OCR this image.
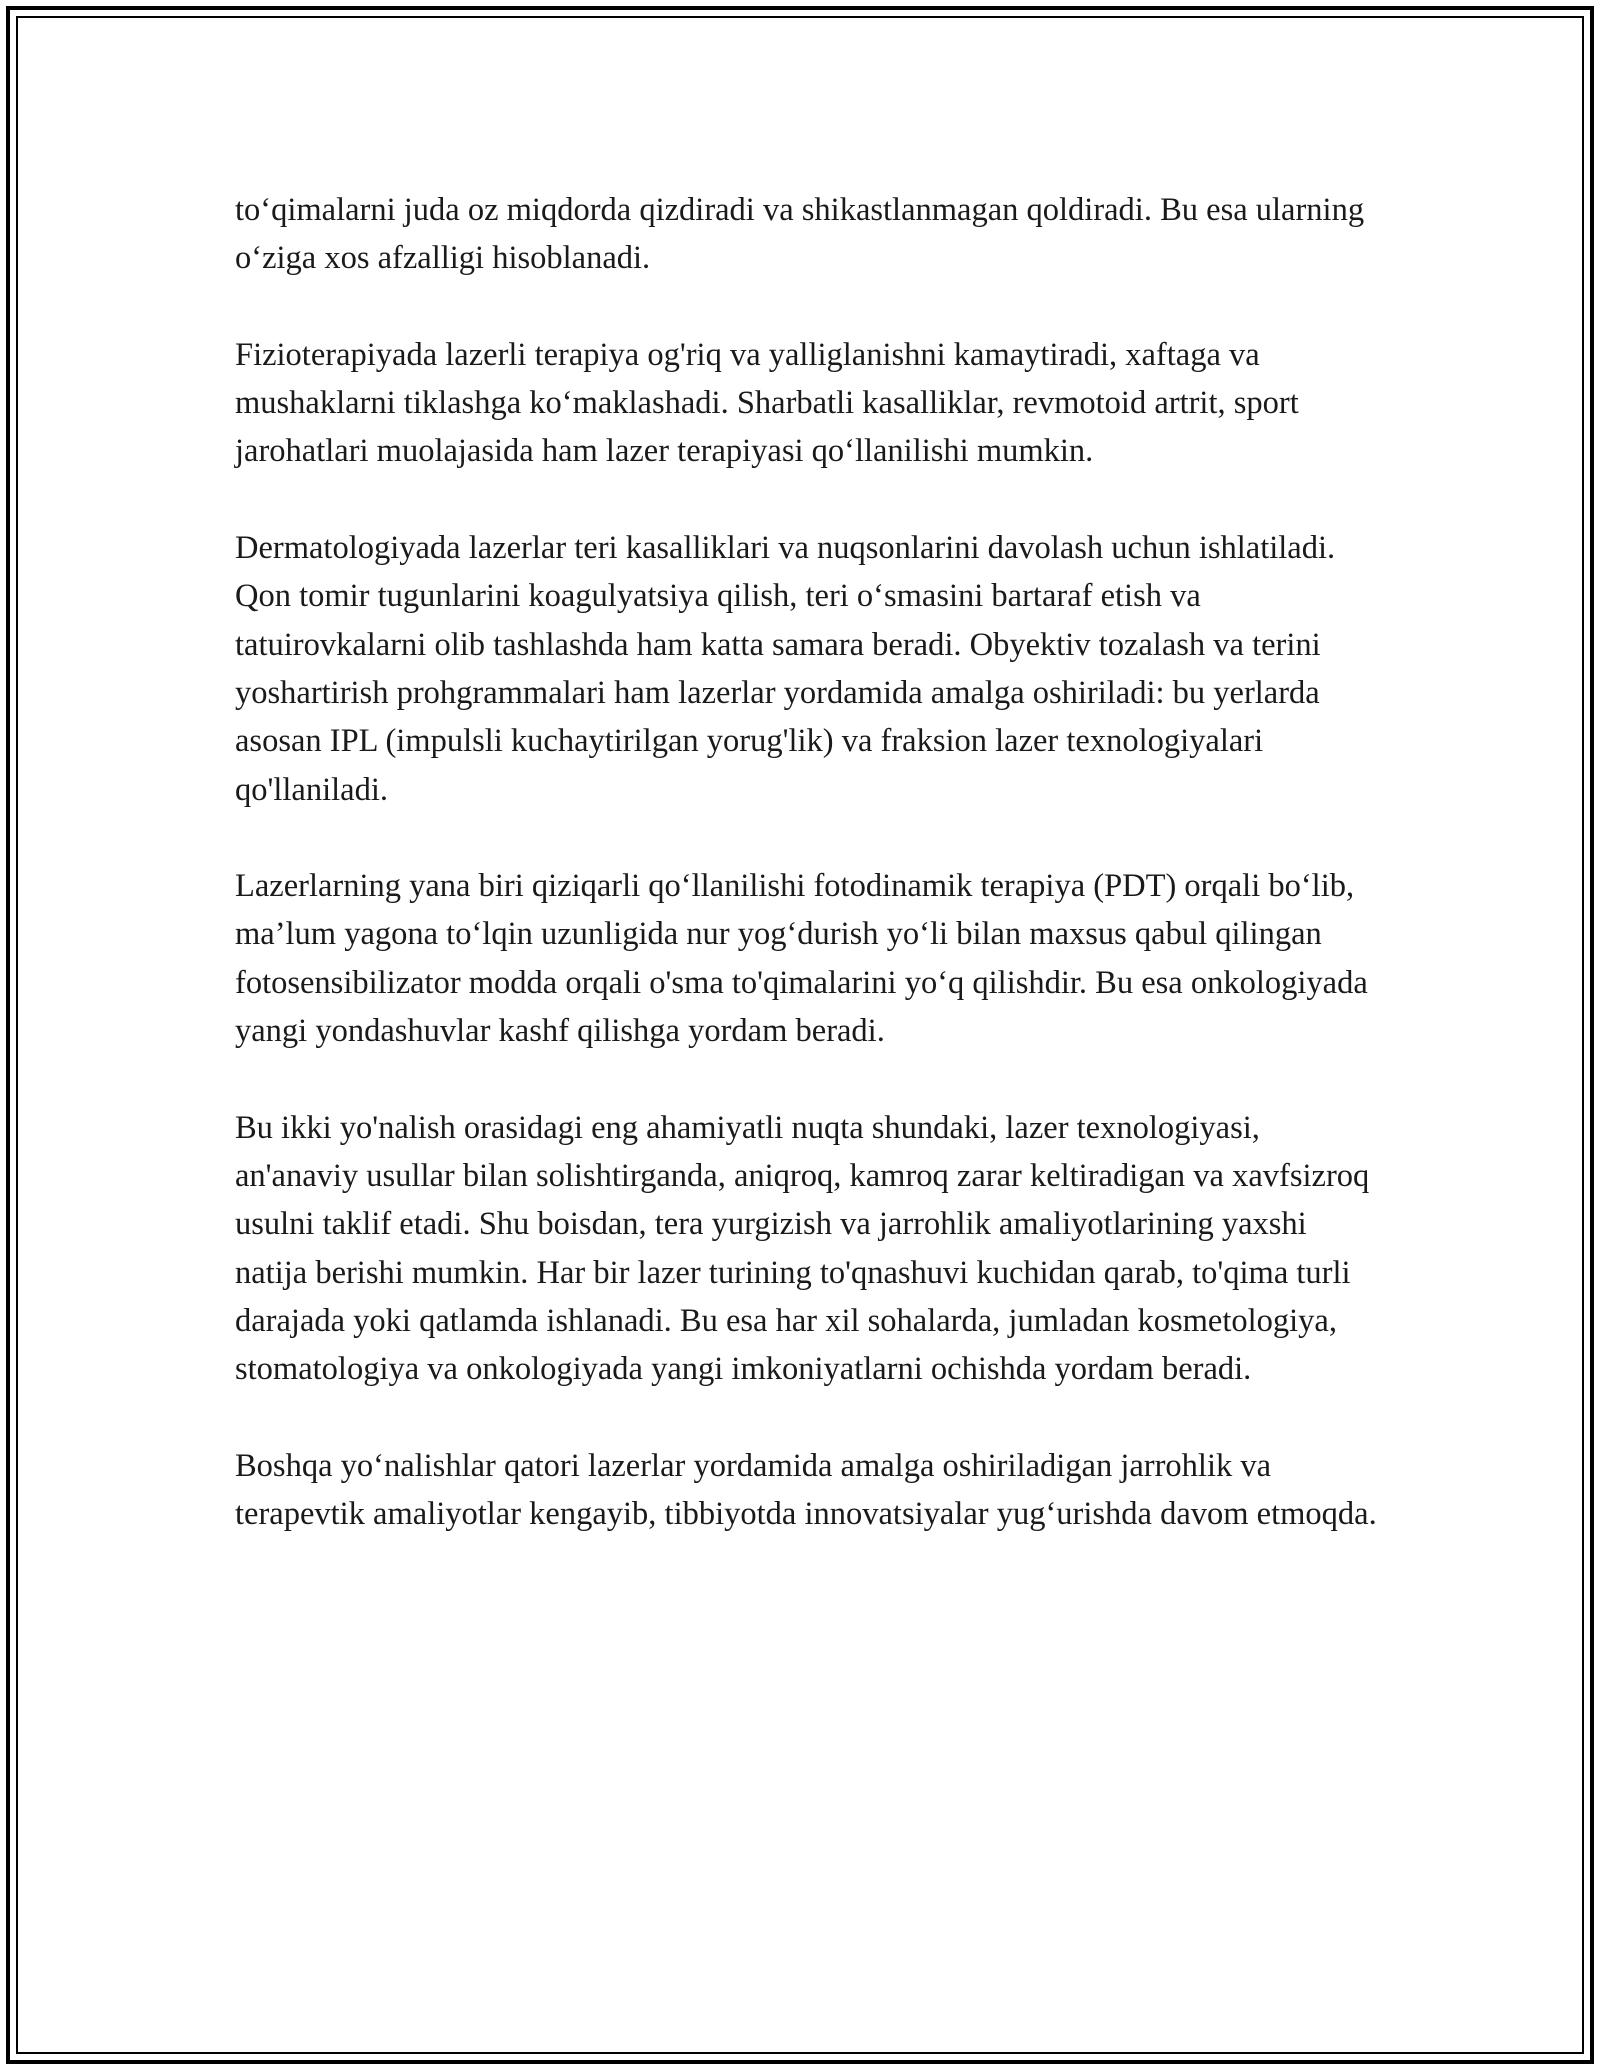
to‘qimalarni juda oz miqdorda qizdiradi va shikastlanmagan qoldiradi. Bu esa ularning o‘ziga xos afzalligi hisoblanadi.

Fizioterapiyada lazerli terapiya og'riq va yalliglanishni kamaytiradi, xaftaga va mushaklarni tiklashga ko‘maklashadi. Sharbatli kasalliklar, revmotoid artrit, sport jarohatlari muolajasida ham lazer terapiyasi qo‘llanilishi mumkin.

Dermatologiyada lazerlar teri kasalliklari va nuqsonlarini davolash uchun ishlatiladi. Qon tomir tugunlarini koagulyatsiya qilish, teri o‘smasini bartaraf etish va tatuirovkalarni olib tashlashda ham katta samara beradi. Obyektiv tozalash va terini yoshartirish prohgrammalari ham lazerlar yordamida amalga oshiriladi: bu yerlarda asosan IPL (impulsli kuchaytirilgan yorug'lik) va fraksion lazer texnologiyalari qo'llaniladi.

Lazerlarning yana biri qiziqarli qo‘llanilishi fotodinamik terapiya (PDT) orqali bo‘lib, ma’lum yagona to‘lqin uzunligida nur yog‘durish yo‘li bilan maxsus qabul qilingan fotosensibilizator modda orqali o'sma to'qimalarini yo‘q qilishdir. Bu esa onkologiyada yangi yondashuvlar kashf qilishga yordam beradi.

Bu ikki yo'nalish orasidagi eng ahamiyatli nuqta shundaki, lazer texnologiyasi, an'anaviy usullar bilan solishtirganda, aniqroq, kamroq zarar keltiradigan va xavfsizroq usulni taklif etadi. Shu boisdan, tera yurgizish va jarrohlik amaliyotlarining yaxshi natija berishi mumkin. Har bir lazer turining to'qnashuvi kuchidan qarab, to'qima turli darajada yoki qatlamda ishlanadi. Bu esa har xil sohalarda, jumladan kosmetologiya, stomatologiya va onkologiyada yangi imkoniyatlarni ochishda yordam beradi.

Boshqa yo‘nalishlar qatori lazerlar yordamida amalga oshiriladigan jarrohlik va terapevtik amaliyotlar kengayib, tibbiyotda innovatsiyalar yug‘urishda davom etmoqda.
